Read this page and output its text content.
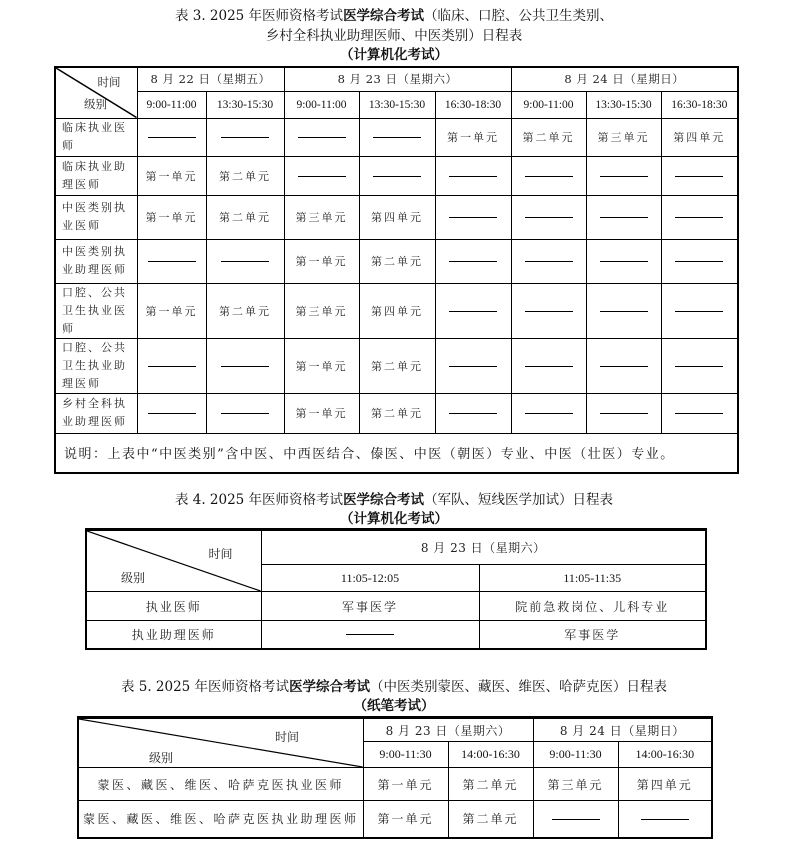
表 3. 2025 年医师资格考试医学综合考试（临床、口腔、公共卫生类别、
乡村全科执业助理医师、中医类别）日程表
（计算机化考试）
时间
级别	8 月 22 日（星期五）		8 月 23 日（星期六）			8 月 24 日（星期日）		
	9:00-11:00	13:30-15:30	9:00-11:00	13:30-15:30	16:30-18:30	9:00-11:00	13:30-15:30	16:30-18:30
临床执业医师					第一单元	第二单元	第三单元	第四单元
临床执业助理医师	第一单元	第二单元						
中医类别执业医师	第一单元	第二单元	第三单元	第四单元				
中医类别执业助理医师			第一单元	第二单元				
口腔、公共卫生执业医师	第一单元	第二单元	第三单元	第四单元				
口腔、公共卫生执业助理医师			第一单元	第二单元				
乡村全科执业助理医师			第一单元	第二单元				
说明：上表中“中医类别”含中医、中西医结合、傣医、中医（朝医）专业、中医（壮医）专业。								
表 4. 2025 年医师资格考试医学综合考试（军队、短线医学加试）日程表
（计算机化考试）
时间
级别	8 月 23 日（星期六）	
	11:05-12:05	11:05-11:35
执业医师	军事医学	院前急救岗位、儿科专业
执业助理医师		军事医学
表 5. 2025 年医师资格考试医学综合考试（中医类别蒙医、藏医、维医、哈萨克医）日程表
（纸笔考试）
时间
级别	8 月 23 日（星期六）		8 月 24 日（星期日）	
	9:00-11:30	14:00-16:30	9:00-11:30	14:00-16:30
蒙医、藏医、维医、哈萨克医执业医师	第一单元	第二单元	第三单元	第四单元
蒙医、藏医、维医、哈萨克医执业助理医师	第一单元	第二单元		
